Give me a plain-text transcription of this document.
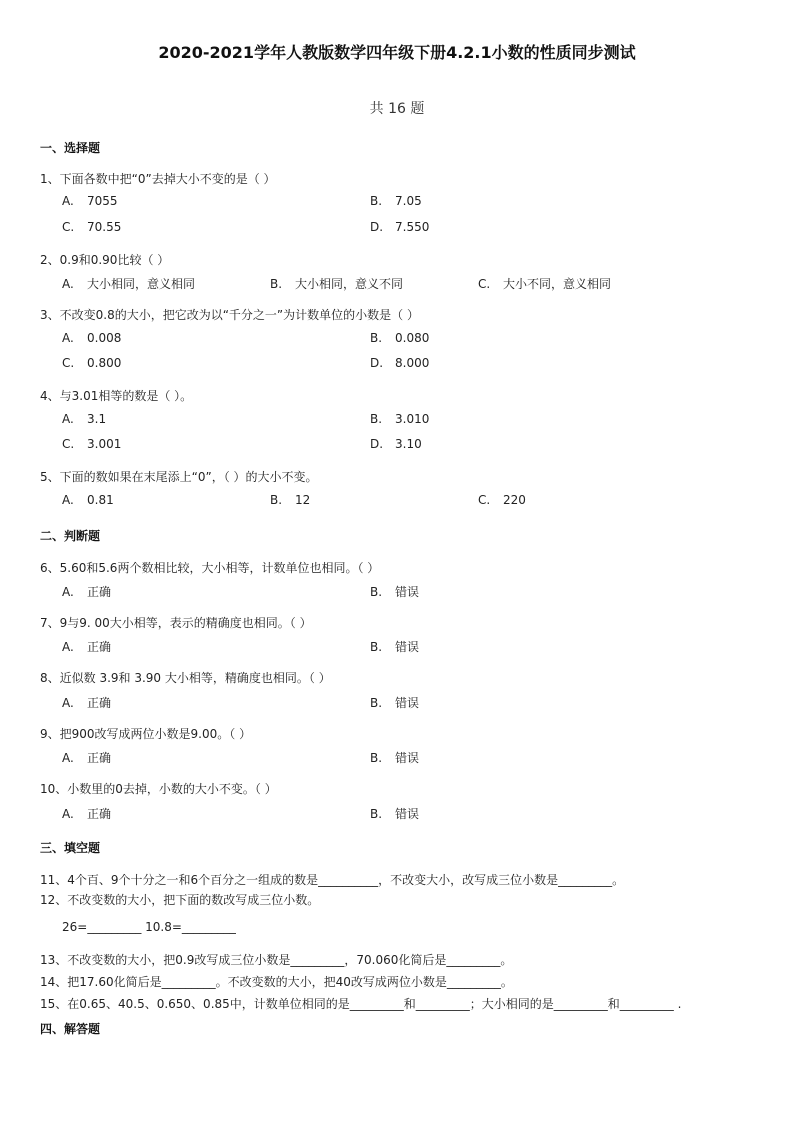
2020-2021学年人教版数学四年级下册4.2.1小数的性质同步测试
共 16 题
一、选择题
1、下面各数中把“0”去掉大小不变的是（ ）
A. 7055	B. 7.05
C. 70.55	D. 7.550
2、0.9和0.90比较（ ）
A. 大小相同，意义相同	B. 大小相同，意义不同	C. 大小不同，意义相同
3、不改变0.8的大小，把它改为以“千分之一”为计数单位的小数是（ ）
A. 0.008	B. 0.080
C. 0.800	D. 8.000
4、与3.01相等的数是（ ）。
A. 3.1	B. 3.010
C. 3.001	D. 3.10
5、下面的数如果在末尾添上“0”，（ ）的大小不变。
A. 0.81	B. 12	C. 220
二、判断题
6、5.60和5.6两个数相比较，大小相等，计数单位也相同。（ ）
A. 正确	B. 错误
7、9与9. 00大小相等，表示的精确度也相同。（ ）
A. 正确	B. 错误
8、近似数 3.9和 3.90 大小相等，精确度也相同。（ ）
A. 正确	B. 错误
9、把900改写成两位小数是9.00。（ ）
A. 正确	B. 错误
10、小数里的0去掉，小数的大小不变。（ ）
A. 正确	B. 错误
三、填空题
11、4个百、9个十分之一和6个百分之一组成的数是__________，不改变大小，改写成三位小数是_________。
12、不改变数的大小，把下面的数改写成三位小数。
26=_________ 10.8=_________
13、不改变数的大小，把0.9改写成三位小数是_________，70.060化简后是_________。
14、把17.60化简后是_________。不改变数的大小，把40改写成两位小数是_________。
15、在0.65、40.5、0.650、0.85中，计数单位相同的是_________和_________；大小相同的是_________和_________ .
四、解答题
